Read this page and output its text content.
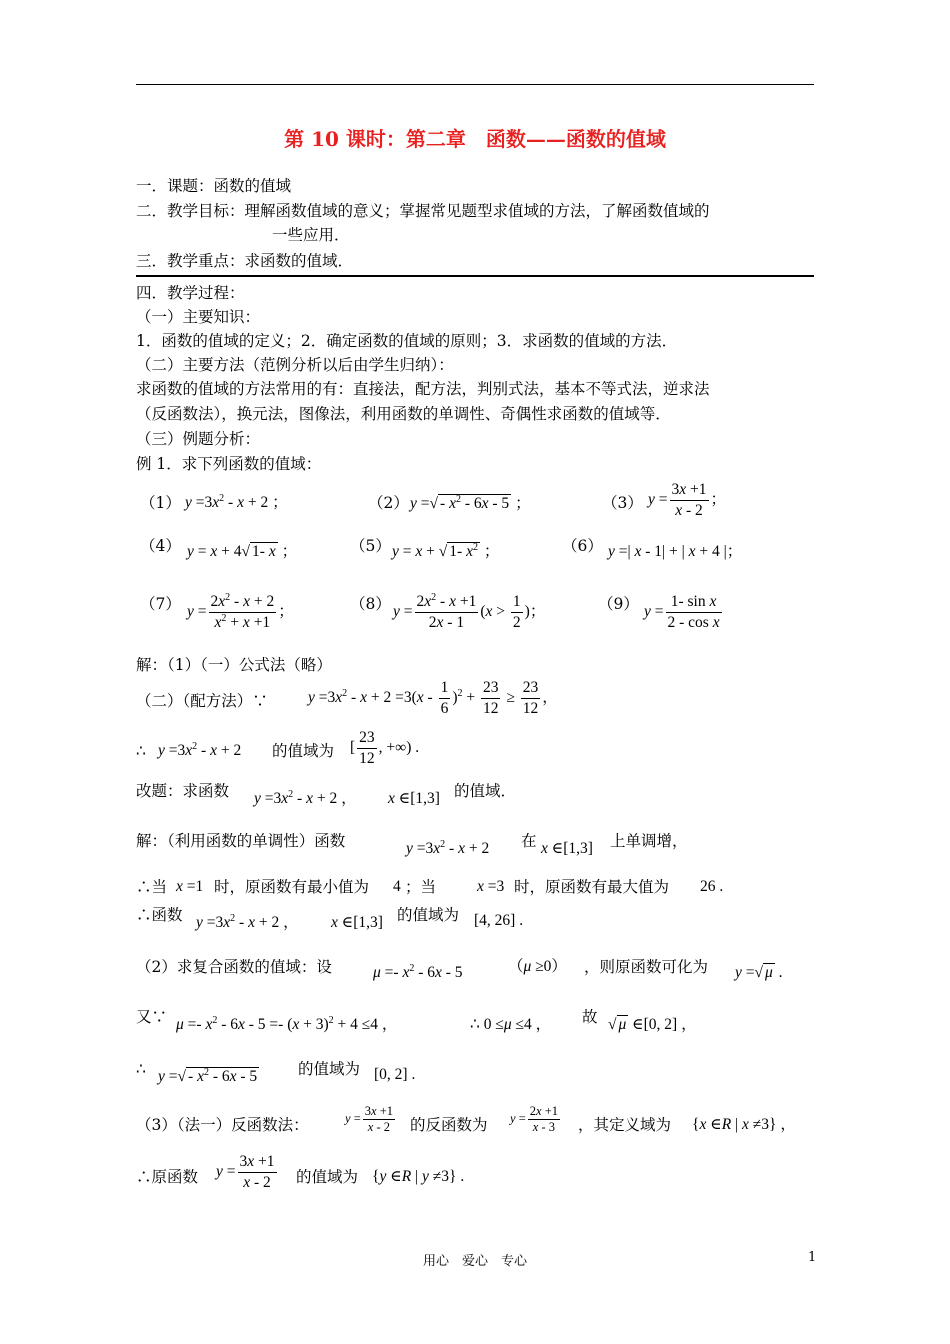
第 10 课时：第二章　函数——函数的值域
一．课题：函数的值域
二．教学目标：理解函数值域的意义；掌握常见题型求值域的方法，了解函数值域的
一些应用．
三．教学重点：求函数的值域．
四．教学过程：
（一）主要知识：
1．函数的值域的定义；2．确定函数的值域的原则；3．求函数的值域的方法．
（二）主要方法（范例分析以后由学生归纳）：
求函数的值域的方法常用的有：直接法，配方法，判别式法，基本不等式法，逆求法
（反函数法），换元法，图像法，利用函数的单调性、奇偶性求函数的值域等．
（三）例题分析：
例 1．求下列函数的值域：
（1） $y =3x^2 - x + 2$ ；	（2） y =√ - $x^2 - 6x - 5$ ；	（3） $y = \frac{3x +1}{x - 2}$ ；
（4） y = x + 4√ 1- x ；	（5） y = x + √ 1- $x^2$ ；	（6） y =| x - 1| + | x + 4 |；
（7） $y = \frac{2x^2 - x + 2}{x^2 + x +1}$ ；	（8） $y = \frac{2x^2 - x +1}{2x - 1} (x > \frac{1}{2}$ )；	（9） $y = \frac{\text{1- sin x}}{\text{2 - cos x}}$
解：（1）（一）公式法（略）
（二）（配方法）∵	$y =3x^2 - x + 2 =3(x - \frac{1}{6} )^2 + \frac{23}{12} \ge \frac{23}{12}$ ，
∴ $y =3x^2 - x + 2$ 的值域为 [ $\frac{23}{12}$ , +∞) .
改题：求函数 $y =3x^2 - x + 2$ ， x ∈[1,3] 的值域．
解：（利用函数的单调性）函数	$y =3x^2 - x + 2$ 在 x ∈[1,3] 上单调增，
∴当 x =1 时，原函数有最小值为 4 ；当	x =3 时，原函数有最大值为 26 .
∴函数 $y =3x^2 - x + 2$ ， x ∈[1,3] 的值域为 [4, 26] .
（2）求复合函数的值域：设	$\mu =- x^2 - 6x - 5$	（μ ≥0） ，则原函数可化为 y =√ μ .
又∵ $\mu =- x^2 - 6x - 5 =- (x + 3)^2 + 4 \le 4$ ，	∴ 0 ≤μ ≤4 ， 故 √ μ ∈[0, 2] ，
∴ y =√ - $x^2 - 6x - 5$	的值域为 [0, 2] .
（3）（法一）反函数法：	$y = \frac{3x +1}{x - 2}$ 的反函数为 $y = \frac{2x +1}{x - 3}$ ，其定义域为 {x ∈R | x ≠3} ，
∴原函数 $y = \frac{3x +1}{x - 2}$ 的值域为 {y ∈R | y ≠3} .
用心　爱心　专心	1
